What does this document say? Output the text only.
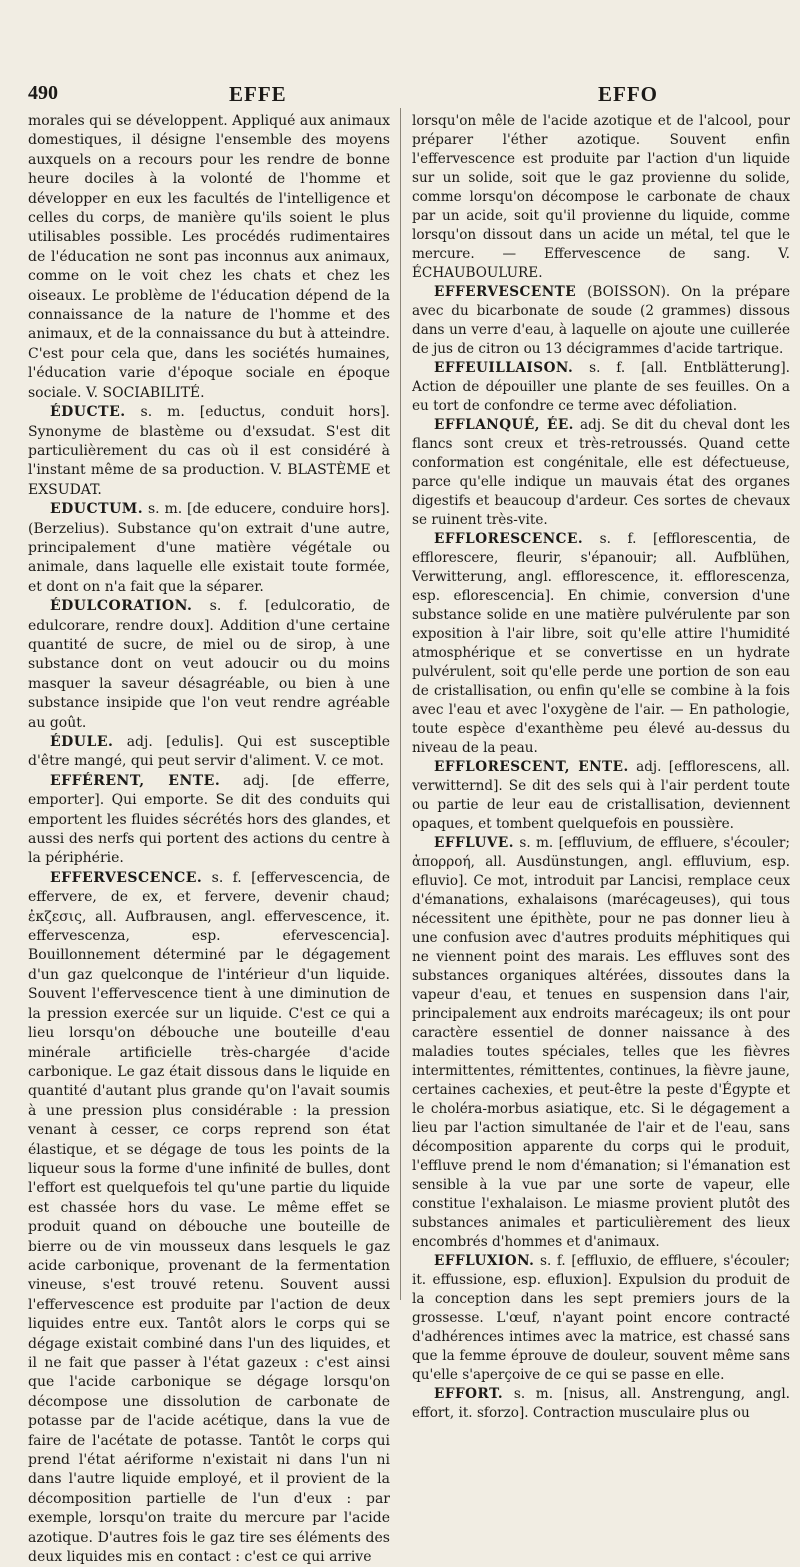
490	EFFE	EFFO

morales qui se développent. Appliqué aux animaux domestiques, il désigne l'ensemble des moyens auxquels on a recours pour les rendre de bonne heure dociles à la volonté de l'homme et développer en eux les facultés de l'intelligence et celles du corps, de manière qu'ils soient le plus utilisables possible. Les procédés rudimentaires de l'éducation ne sont pas inconnus aux animaux, comme on le voit chez les chats et chez les oiseaux. Le problème de l'éducation dépend de la connaissance de la nature de l'homme et des animaux, et de la connaissance du but à atteindre. C'est pour cela que, dans les sociétés humaines, l'éducation varie d'époque sociale en époque sociale. V. SOCIABILITÉ.

ÉDUCTE. s. m. [eductus, conduit hors]. Synonyme de blastème ou d'exsudat. S'est dit particulièrement du cas où il est considéré à l'instant même de sa production. V. BLASTÈME et EXSUDAT.

EDUCTUM. s. m. [de educere, conduire hors]. (Berzelius). Substance qu'on extrait d'une autre, principalement d'une matière végétale ou animale, dans laquelle elle existait toute formée, et dont on n'a fait que la séparer.

ÉDULCORATION. s. f. [edulcoratio, de edulcorare, rendre doux]. Addition d'une certaine quantité de sucre, de miel ou de sirop, à une substance dont on veut adoucir ou du moins masquer la saveur désagréable, ou bien à une substance insipide que l'on veut rendre agréable au goût.

ÉDULE. adj. [edulis]. Qui est susceptible d'être mangé, qui peut servir d'aliment. V. ce mot.

EFFÉRENT, ENTE. adj. [de efferre, emporter]. Qui emporte. Se dit des conduits qui emportent les fluides sécrétés hors des glandes, et aussi des nerfs qui portent des actions du centre à la périphérie.

EFFERVESCENCE. s. f. [effervescencia, de effervere, de ex, et fervere, devenir chaud; ἐκζεσις, all. Aufbrausen, angl. effervescence, it. effervescenza, esp. efervescencia]. Bouillonnement déterminé par le dégagement d'un gaz quelconque de l'intérieur d'un liquide. Souvent l'effervescence tient à une diminution de la pression exercée sur un liquide. C'est ce qui a lieu lorsqu'on débouche une bouteille d'eau minérale artificielle très-chargée d'acide carbonique. Le gaz était dissous dans le liquide en quantité d'autant plus grande qu'on l'avait soumis à une pression plus considérable : la pression venant à cesser, ce corps reprend son état élastique, et se dégage de tous les points de la liqueur sous la forme d'une infinité de bulles, dont l'effort est quelquefois tel qu'une partie du liquide est chassée hors du vase. Le même effet se produit quand on débouche une bouteille de bierre ou de vin mousseux dans lesquels le gaz acide carbonique, provenant de la fermentation vineuse, s'est trouvé retenu. Souvent aussi l'effervescence est produite par l'action de deux liquides entre eux. Tantôt alors le corps qui se dégage existait combiné dans l'un des liquides, et il ne fait que passer à l'état gazeux : c'est ainsi que l'acide carbonique se dégage lorsqu'on décompose une dissolution de carbonate de potasse par de l'acide acétique, dans la vue de faire de l'acétate de potasse. Tantôt le corps qui prend l'état aériforme n'existait ni dans l'un ni dans l'autre liquide employé, et il provient de la décomposition partielle de l'un d'eux : par exemple, lorsqu'on traite du mercure par l'acide azotique. D'autres fois le gaz tire ses éléments des deux liquides mis en contact : c'est ce qui arrive

lorsqu'on mêle de l'acide azotique et de l'alcool, pour préparer l'éther azotique. Souvent enfin l'effervescence est produite par l'action d'un liquide sur un solide, soit que le gaz provienne du solide, comme lorsqu'on décompose le carbonate de chaux par un acide, soit qu'il provienne du liquide, comme lorsqu'on dissout dans un acide un métal, tel que le mercure. — Effervescence de sang. V. ÉCHAUBOULURE.

EFFERVESCENTE (BOISSON). On la prépare avec du bicarbonate de soude (2 grammes) dissous dans un verre d'eau, à laquelle on ajoute une cuillerée de jus de citron ou 13 décigrammes d'acide tartrique.

EFFEUILLAISON. s. f. [all. Entblätterung]. Action de dépouiller une plante de ses feuilles. On a eu tort de confondre ce terme avec défoliation.

EFFLANQUÉ, ÉE. adj. Se dit du cheval dont les flancs sont creux et très-retroussés. Quand cette conformation est congénitale, elle est défectueuse, parce qu'elle indique un mauvais état des organes digestifs et beaucoup d'ardeur. Ces sortes de chevaux se ruinent très-vite.

EFFLORESCENCE. s. f. [efflorescentia, de efflorescere, fleurir, s'épanouir; all. Aufblühen, Verwitterung, angl. efflorescence, it. efflorescenza, esp. eflorescencia]. En chimie, conversion d'une substance solide en une matière pulvérulente par son exposition à l'air libre, soit qu'elle attire l'humidité atmosphérique et se convertisse en un hydrate pulvérulent, soit qu'elle perde une portion de son eau de cristallisation, ou enfin qu'elle se combine à la fois avec l'eau et avec l'oxygène de l'air. — En pathologie, toute espèce d'exanthème peu élevé au-dessus du niveau de la peau.

EFFLORESCENT, ENTE. adj. [efflorescens, all. verwitternd]. Se dit des sels qui à l'air perdent toute ou partie de leur eau de cristallisation, deviennent opaques, et tombent quelquefois en poussière.

EFFLUVE. s. m. [effluvium, de effluere, s'écouler; ἀπορροή, all. Ausdünstungen, angl. effluvium, esp. efluvio]. Ce mot, introduit par Lancisi, remplace ceux d'émanations, exhalaisons (marécageuses), qui tous nécessitent une épithète, pour ne pas donner lieu à une confusion avec d'autres produits méphitiques qui ne viennent point des marais. Les effluves sont des substances organiques altérées, dissoutes dans la vapeur d'eau, et tenues en suspension dans l'air, principalement aux endroits marécageux; ils ont pour caractère essentiel de donner naissance à des maladies toutes spéciales, telles que les fièvres intermittentes, rémittentes, continues, la fièvre jaune, certaines cachexies, et peut-être la peste d'Égypte et le choléra-morbus asiatique, etc. Si le dégagement a lieu par l'action simultanée de l'air et de l'eau, sans décomposition apparente du corps qui le produit, l'effluve prend le nom d'émanation; si l'émanation est sensible à la vue par une sorte de vapeur, elle constitue l'exhalaison. Le miasme provient plutôt des substances animales et particulièrement des lieux encombrés d'hommes et d'animaux.

EFFLUXION. s. f. [effluxio, de effluere, s'écouler; it. effussione, esp. efluxion]. Expulsion du produit de la conception dans les sept premiers jours de la grossesse. L'œuf, n'ayant point encore contracté d'adhérences intimes avec la matrice, est chassé sans que la femme éprouve de douleur, souvent même sans qu'elle s'aperçoive de ce qui se passe en elle.

EFFORT. s. m. [nisus, all. Anstrengung, angl. effort, it. sforzo]. Contraction musculaire plus ou
